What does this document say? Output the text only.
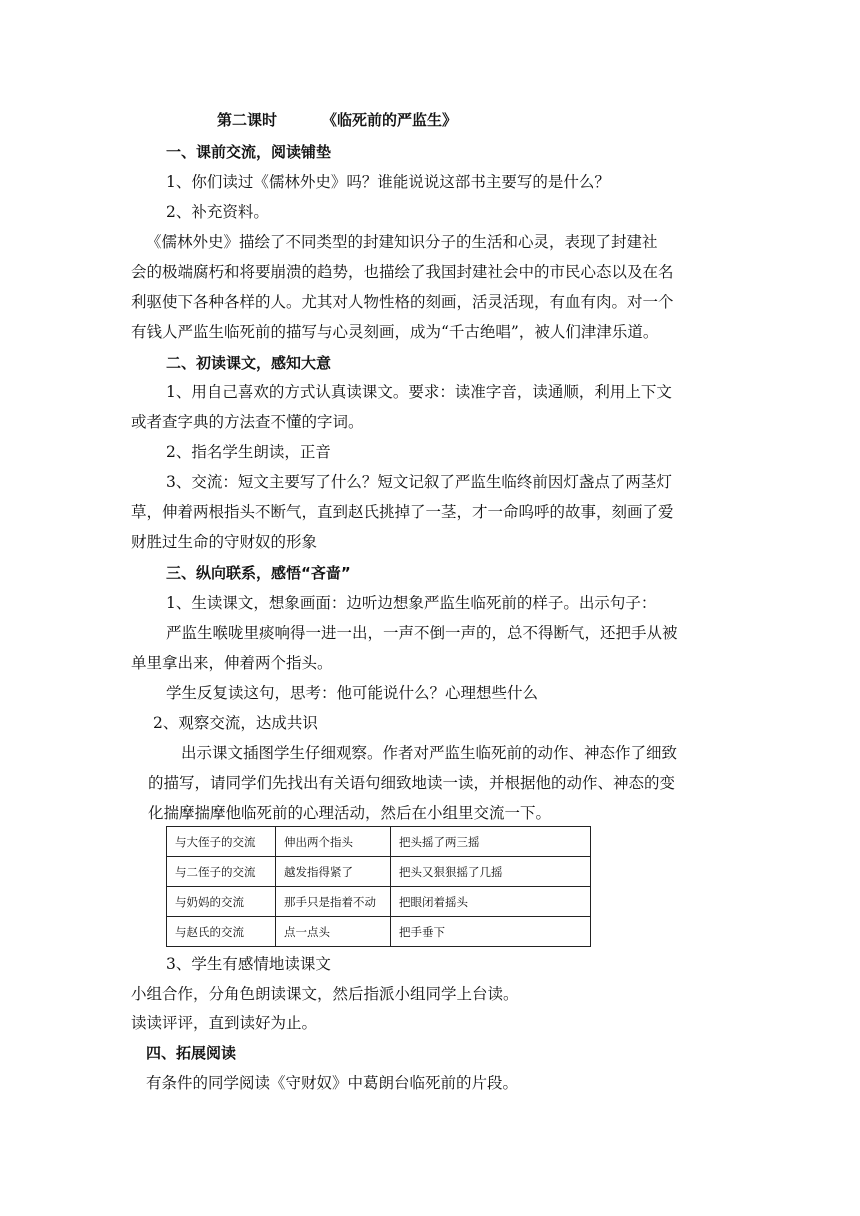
第二课时	《临死前的严监生》
一、课前交流，阅读铺垫
1、你们读过《儒林外史》吗？谁能说说这部书主要写的是什么？
2、补充资料。
《儒林外史》描绘了不同类型的封建知识分子的生活和心灵，表现了封建社
会的极端腐朽和将要崩溃的趋势，也描绘了我国封建社会中的市民心态以及在名
利驱使下各种各样的人。尤其对人物性格的刻画，活灵活现，有血有肉。对一个
有钱人严监生临死前的描写与心灵刻画，成为“千古绝唱”，被人们津津乐道。
二、初读课文，感知大意
1、用自己喜欢的方式认真读课文。要求：读准字音，读通顺，利用上下文
或者查字典的方法查不懂的字词。
2、指名学生朗读，正音
3、交流：短文主要写了什么？短文记叙了严监生临终前因灯盏点了两茎灯
草，伸着两根指头不断气，直到赵氏挑掉了一茎，才一命呜呼的故事，刻画了爱
财胜过生命的守财奴的形象
三、纵向联系，感悟“吝啬”
1、生读课文，想象画面：边听边想象严监生临死前的样子。出示句子：
严监生喉咙里痰响得一进一出，一声不倒一声的，总不得断气，还把手从被
单里拿出来，伸着两个指头。
学生反复读这句，思考：他可能说什么？心理想些什么
2、观察交流，达成共识
出示课文插图学生仔细观察。作者对严监生临死前的动作、神态作了细致
的描写，请同学们先找出有关语句细致地读一读，并根据他的动作、神态的变
化揣摩揣摩他临死前的心理活动，然后在小组里交流一下。
与大侄子的交流	伸出两个指头	把头摇了两三摇
与二侄子的交流	越发指得紧了	把头又狠狠摇了几摇
与奶妈的交流	那手只是指着不动	把眼闭着摇头
与赵氏的交流	点一点头	把手垂下
3、学生有感情地读课文
小组合作，分角色朗读课文，然后指派小组同学上台读。
读读评评，直到读好为止。
四、拓展阅读
有条件的同学阅读《守财奴》中葛朗台临死前的片段。
